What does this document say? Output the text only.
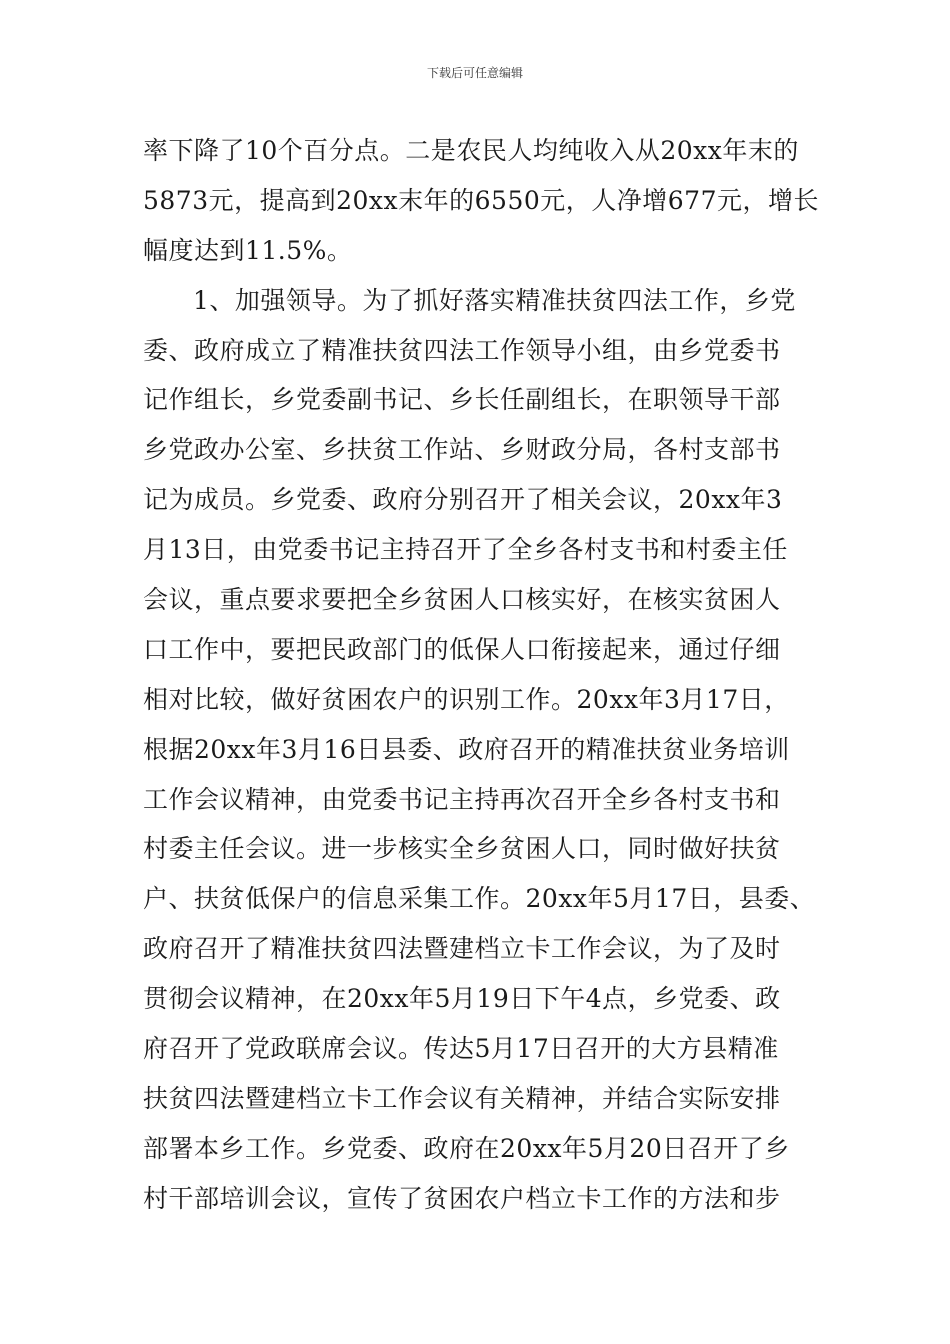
下载后可任意编辑
率下降了10个百分点。二是农民人均纯收入从20xx年末的
5873元，提高到20xx末年的6550元，人净增677元，增长
幅度达到11.5%。
1、加强领导。为了抓好落实精准扶贫四法工作，乡党
委、政府成立了精准扶贫四法工作领导小组，由乡党委书
记作组长，乡党委副书记、乡长任副组长，在职领导干部
乡党政办公室、乡扶贫工作站、乡财政分局，各村支部书
记为成员。乡党委、政府分别召开了相关会议，20xx年3
月13日，由党委书记主持召开了全乡各村支书和村委主任
会议，重点要求要把全乡贫困人口核实好，在核实贫困人
口工作中，要把民政部门的低保人口衔接起来，通过仔细
相对比较，做好贫困农户的识别工作。20xx年3月17日，
根据20xx年3月16日县委、政府召开的精准扶贫业务培训
工作会议精神，由党委书记主持再次召开全乡各村支书和
村委主任会议。进一步核实全乡贫困人口，同时做好扶贫
户、扶贫低保户的信息采集工作。20xx年5月17日，县委、
政府召开了精准扶贫四法暨建档立卡工作会议，为了及时
贯彻会议精神，在20xx年5月19日下午4点，乡党委、政
府召开了党政联席会议。传达5月17日召开的大方县精准
扶贫四法暨建档立卡工作会议有关精神，并结合实际安排
部署本乡工作。乡党委、政府在20xx年5月20日召开了乡
村干部培训会议，宣传了贫困农户档立卡工作的方法和步
